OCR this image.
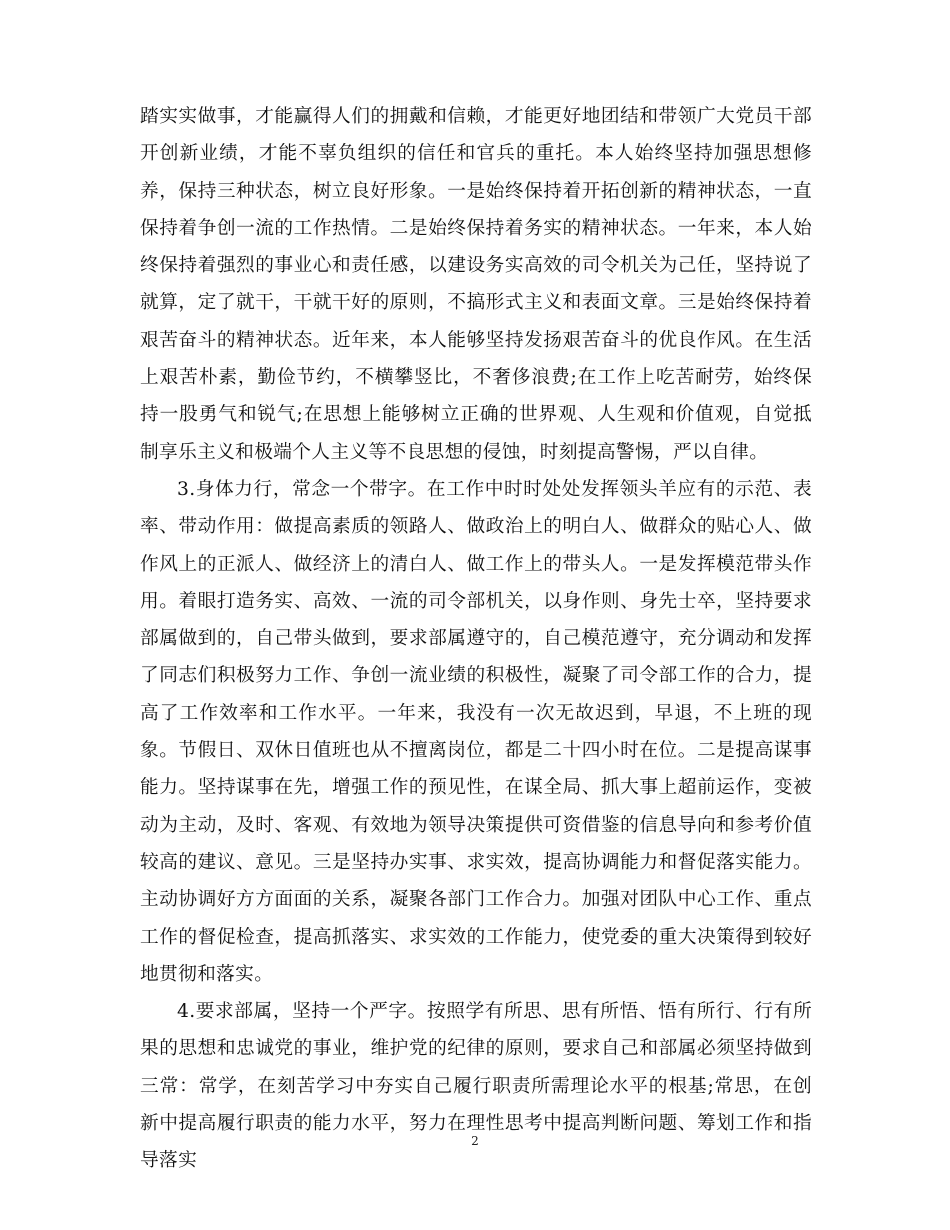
踏实实做事，才能赢得人们的拥戴和信赖，才能更好地团结和带领广大党员干部开创新业绩，才能不辜负组织的信任和官兵的重托。本人始终坚持加强思想修养，保持三种状态，树立良好形象。一是始终保持着开拓创新的精神状态，一直保持着争创一流的工作热情。二是始终保持着务实的精神状态。一年来，本人始终保持着强烈的事业心和责任感，以建设务实高效的司令机关为己任，坚持说了就算，定了就干，干就干好的原则，不搞形式主义和表面文章。三是始终保持着艰苦奋斗的精神状态。近年来，本人能够坚持发扬艰苦奋斗的优良作风。在生活上艰苦朴素，勤俭节约，不横攀竖比，不奢侈浪费;在工作上吃苦耐劳，始终保持一股勇气和锐气;在思想上能够树立正确的世界观、人生观和价值观，自觉抵制享乐主义和极端个人主义等不良思想的侵蚀，时刻提高警惕，严以自律。

3.身体力行，常念一个带字。在工作中时时处处发挥领头羊应有的示范、表率、带动作用：做提高素质的领路人、做政治上的明白人、做群众的贴心人、做作风上的正派人、做经济上的清白人、做工作上的带头人。一是发挥模范带头作用。着眼打造务实、高效、一流的司令部机关，以身作则、身先士卒，坚持要求部属做到的，自己带头做到，要求部属遵守的，自己模范遵守，充分调动和发挥了同志们积极努力工作、争创一流业绩的积极性，凝聚了司令部工作的合力，提高了工作效率和工作水平。一年来，我没有一次无故迟到，早退，不上班的现象。节假日、双休日值班也从不擅离岗位，都是二十四小时在位。二是提高谋事能力。坚持谋事在先，增强工作的预见性，在谋全局、抓大事上超前运作，变被动为主动，及时、客观、有效地为领导决策提供可资借鉴的信息导向和参考价值较高的建议、意见。三是坚持办实事、求实效，提高协调能力和督促落实能力。主动协调好方方面面的关系，凝聚各部门工作合力。加强对团队中心工作、重点工作的督促检查，提高抓落实、求实效的工作能力，使党委的重大决策得到较好地贯彻和落实。

4.要求部属，坚持一个严字。按照学有所思、思有所悟、悟有所行、行有所果的思想和忠诚党的事业，维护党的纪律的原则，要求自己和部属必须坚持做到三常：常学，在刻苦学习中夯实自己履行职责所需理论水平的根基;常思，在创新中提高履行职责的能力水平，努力在理性思考中提高判断问题、筹划工作和指导落实

2
